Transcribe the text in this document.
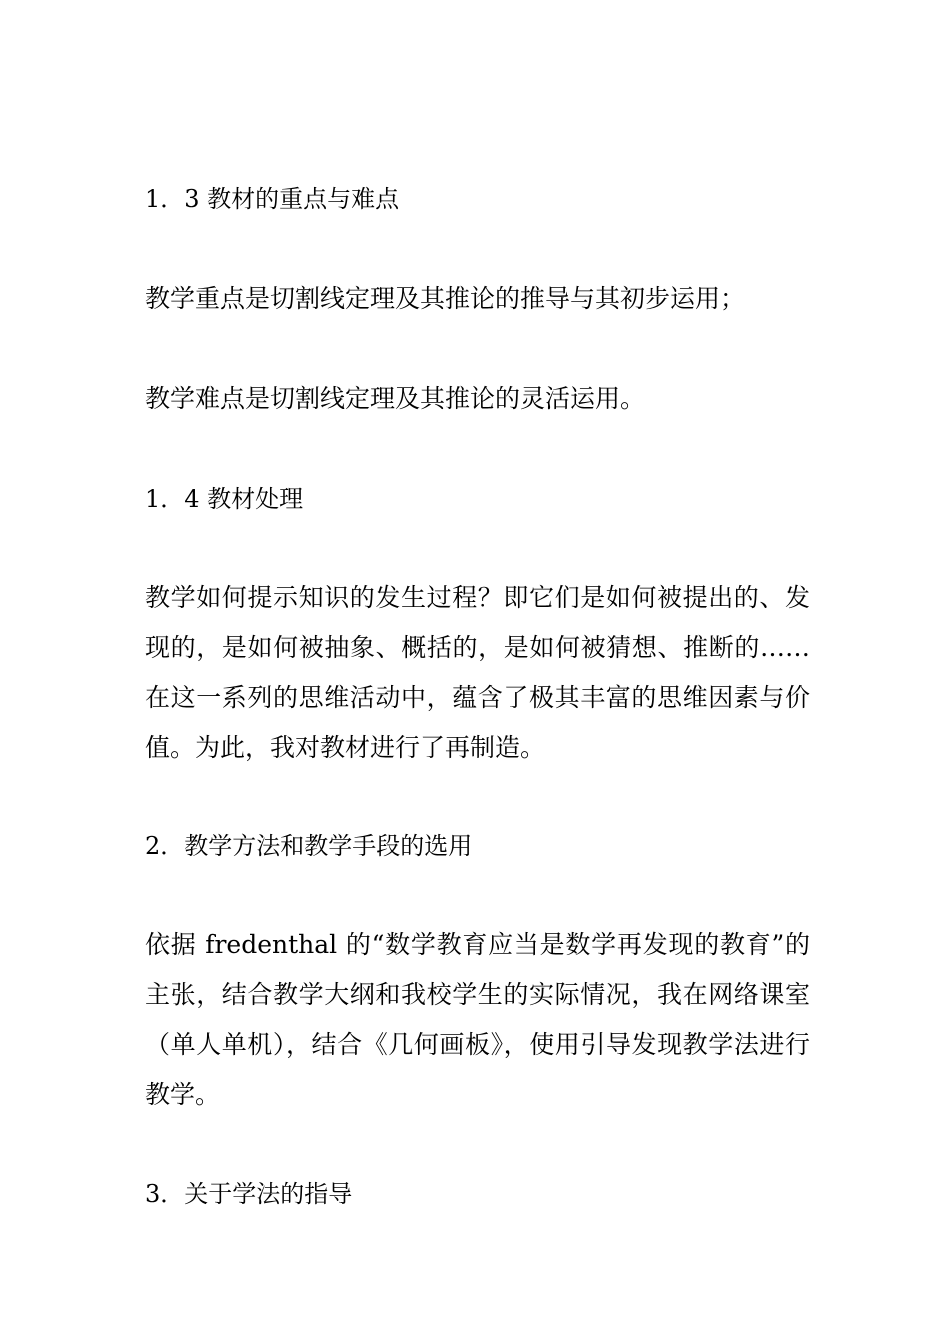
1．3 教材的重点与难点

教学重点是切割线定理及其推论的推导与其初步运用；

教学难点是切割线定理及其推论的灵活运用。

1．4 教材处理

教学如何提示知识的发生过程？即它们是如何被提出的、发现的，是如何被抽象、概括的，是如何被猜想、推断的……在这一系列的思维活动中，蕴含了极其丰富的思维因素与价值。为此，我对教材进行了再制造。

2．教学方法和教学手段的选用

依据 fredenthal 的“数学教育应当是数学再发现的教育”的主张，结合教学大纲和我校学生的实际情况，我在网络课室（单人单机），结合《几何画板》，使用引导发现教学法进行教学。

3．关于学法的指导
